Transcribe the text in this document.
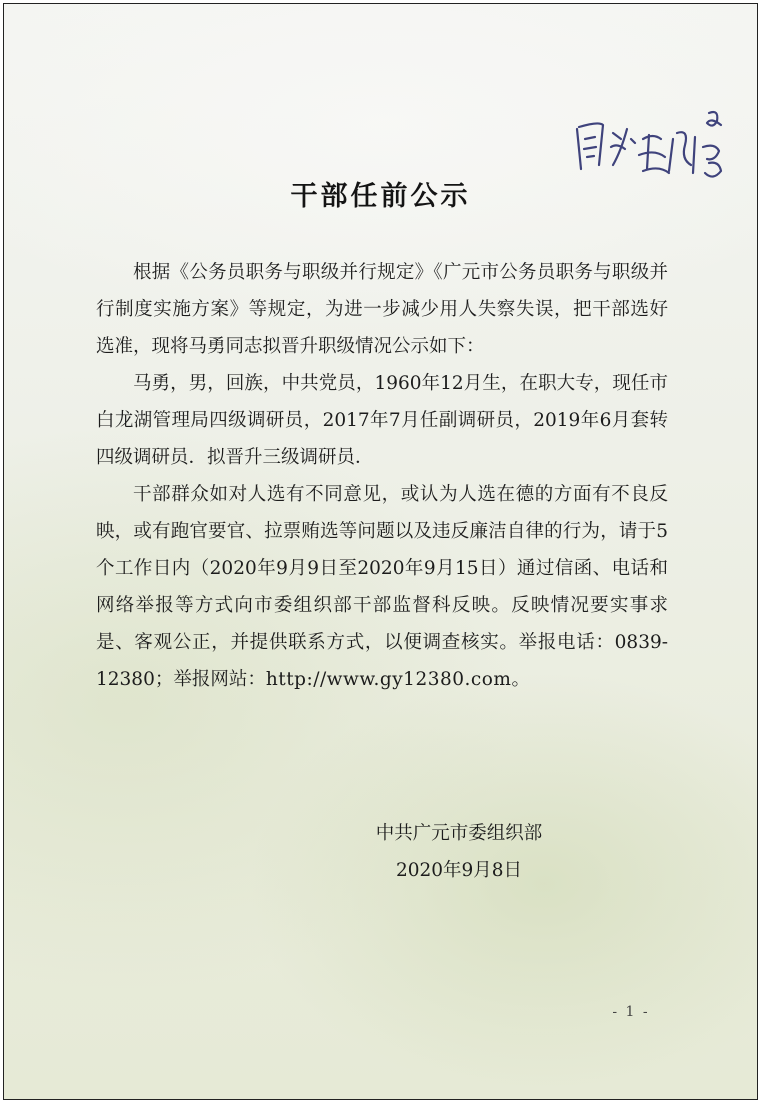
干部任前公示

根据《公务员职务与职级并行规定》《广元市公务员职务与职级并行制度实施方案》等规定，为进一步减少用人失察失误，把干部选好选准，现将马勇同志拟晋升职级情况公示如下：

马勇，男，回族，中共党员，1960年12月生，在职大专，现任市白龙湖管理局四级调研员，2017年7月任副调研员，2019年6月套转四级调研员．拟晋升三级调研员．

干部群众如对人选有不同意见，或认为人选在德的方面有不良反映，或有跑官要官、拉票贿选等问题以及违反廉洁自律的行为，请于5个工作日内（2020年9月9日至2020年9月15日）通过信函、电话和网络举报等方式向市委组织部干部监督科反映。反映情况要实事求是、客观公正，并提供联系方式，以便调查核实。举报电话：0839-12380；举报网站：http://www.gy12380.com。

中共广元市委组织部
2020年9月8日
- 1 -
